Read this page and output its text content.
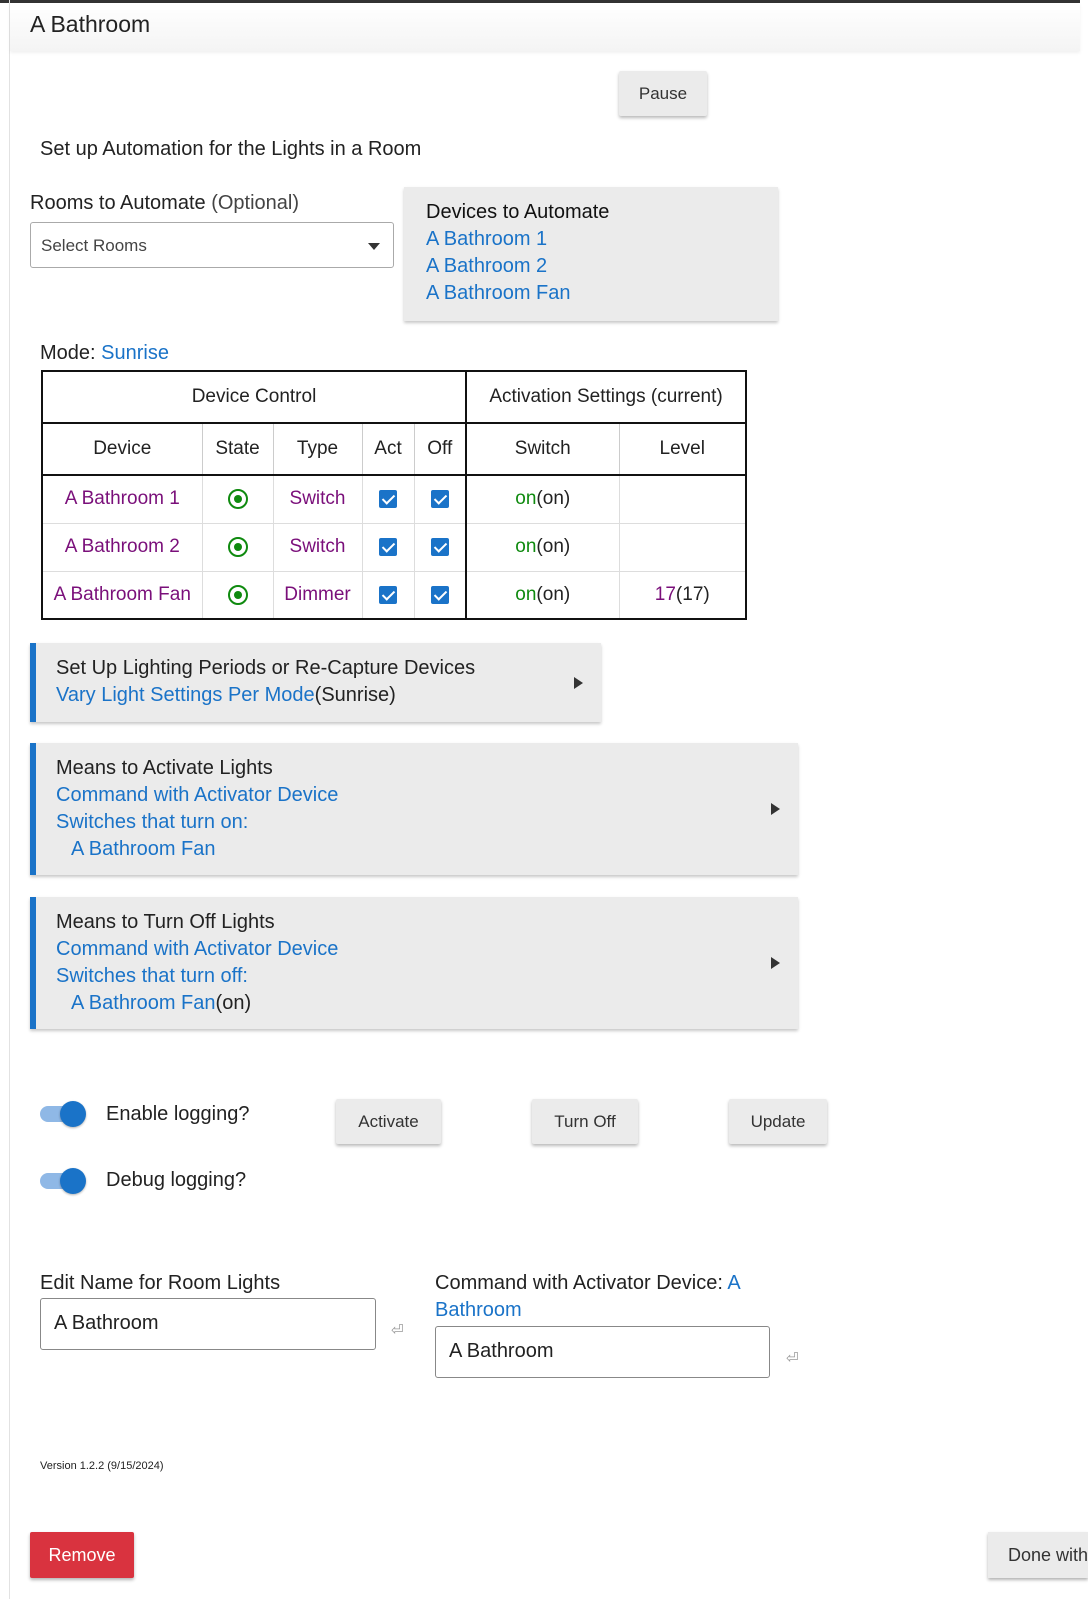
A Bathroom
Pause
Set up Automation for the Lights in a Room
Rooms to Automate (Optional)
Select Rooms
Devices to Automate
A Bathroom 1
A Bathroom 2
A Bathroom Fan
Mode: Sunrise
Device Control					Activation Settings (current)	
Device	State	Type	Act	Off	Switch	Level
A Bathroom 1		Switch			on(on)	
A Bathroom 2		Switch			on(on)	
A Bathroom Fan		Dimmer			on(on)	17(17)
Set Up Lighting Periods or Re-Capture Devices
Vary Light Settings Per Mode(Sunrise)
Means to Activate Lights
Command with Activator Device
Switches that turn on:
A Bathroom Fan
Means to Turn Off Lights
Command with Activator Device
Switches that turn off:
A Bathroom Fan(on)
Enable logging?
Debug logging?
Activate	Turn Off	Update
Edit Name for Room Lights
A Bathroom	⏎
Command with Activator Device: A Bathroom
A Bathroom	⏎
Version 1.2.2 (9/15/2024)
Remove	Done with
